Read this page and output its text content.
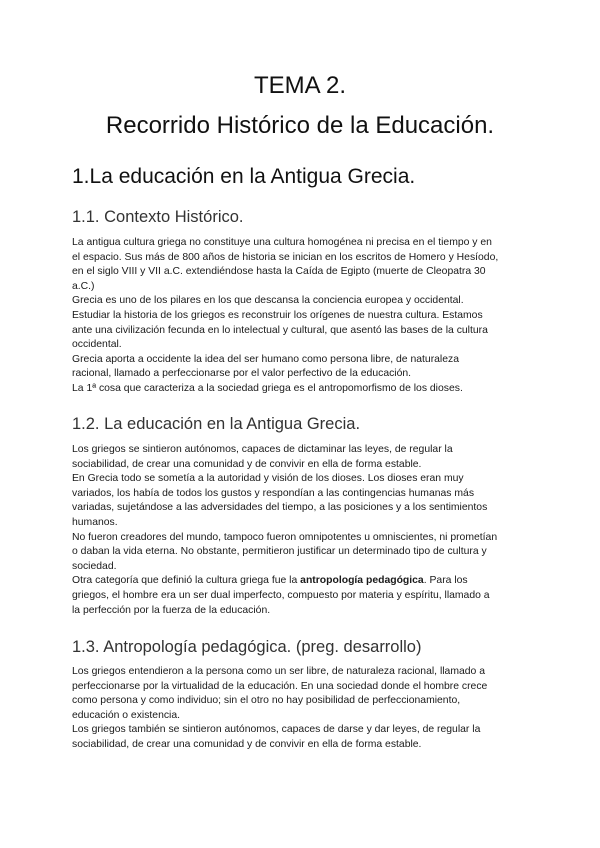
TEMA 2.
Recorrido Histórico de la Educación.
1.La educación en la Antigua Grecia.
1.1. Contexto Histórico.
La antigua cultura griega no constituye una cultura homogénea ni precisa en el tiempo y en
el espacio. Sus más de 800 años de historia se inician en los escritos de Homero y Hesíodo,
en el siglo VIII y VII a.C. extendiéndose hasta la Caída de Egipto (muerte de Cleopatra 30
a.C.)
Grecia es uno de los pilares en los que descansa la conciencia europea y occidental.
Estudiar la historia de los griegos es reconstruir los orígenes de nuestra cultura. Estamos
ante una civilización fecunda en lo intelectual y cultural, que asentó las bases de la cultura
occidental.
Grecia aporta a occidente la idea del ser humano como persona libre, de naturaleza
racional, llamado a perfeccionarse por el valor perfectivo de la educación.
La 1ª cosa que caracteriza a la sociedad griega es el antropomorfismo de los dioses.
1.2. La educación en la Antigua Grecia.
Los griegos se sintieron autónomos, capaces de dictaminar las leyes, de regular la
sociabilidad, de crear una comunidad y de convivir en ella de forma estable.
En Grecia todo se sometía a la autoridad y visión de los dioses. Los dioses eran muy
variados, los había de todos los gustos y respondían a las contingencias humanas más
variadas, sujetándose a las adversidades del tiempo, a las posiciones y a los sentimientos
humanos.
No fueron creadores del mundo, tampoco fueron omnipotentes u omniscientes, ni prometían
o daban la vida eterna. No obstante, permitieron justificar un determinado tipo de cultura y
sociedad.
Otra categoría que definió la cultura griega fue la antropología pedagógica. Para los
griegos, el hombre era un ser dual imperfecto, compuesto por materia y espíritu, llamado a
la perfección por la fuerza de la educación.
1.3. Antropología pedagógica. (preg. desarrollo)
Los griegos entendieron a la persona como un ser libre, de naturaleza racional, llamado a
perfeccionarse por la virtualidad de la educación. En una sociedad donde el hombre crece
como persona y como individuo; sin el otro no hay posibilidad de perfeccionamiento,
educación o existencia.
Los griegos también se sintieron autónomos, capaces de darse y dar leyes, de regular la
sociabilidad, de crear una comunidad y de convivir en ella de forma estable.
